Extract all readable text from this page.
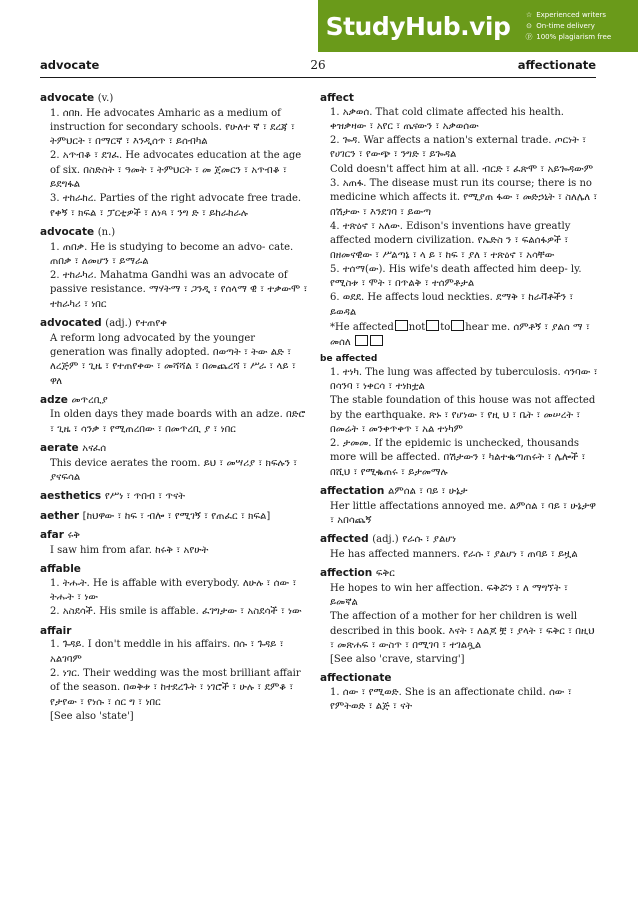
StudyHub.vip	☆ Experienced writers
⊙ On-time delivery
ⓟ 100% plagiarism free
advocate	26	affectionate
advocate (v.)
1. ሰበክ. He advocates Amharic as a medium of instruction for secondary schools. የሁለተ ኛ ፣ ደረጃ ፣ ትምህርት ፣ በማርኛ ፣ እንዲሰጥ ፣ ይሰብካል
2. አጥብቆ ፣ ደገፈ. He advocates education at the age of six. በስድስት ፣ ዓመት ፣ ትምህርት ፣ መ ጀመርን ፣ አጥብቆ ፣ ይደግፋል
3. ተከራከረ. Parties of the right advocate free trade. የቀኝ ፣ ክፍል ፣ ፓርቲዎች ፣ ለነጻ ፣ ንግ ድ ፣ ይከራከራሉ
advocate (n.)
1. ጠበቃ. He is studying to become an advo- cate. ጠበቃ ፣ ለመሆን ፣ ይማራል
2. ተከራካሪ. Mahatma Gandhi was an advocate of passive resistance. ማሃትማ ፣ ጋንዲ ፣ የሰላማ ዊ ፣ ተቃውሞ ፣ ተከራካሪ ፣ ነበር
advocated (adj.) የተጠየቀ
A reform long advocated by the younger generation was finally adopted. በወጣት ፣ ትው ልድ ፣ ለረጅም ፣ ጊዜ ፣ የተጠየቀው ፣ መሻሻል ፣ በመጨረሻ ፣ ሥራ ፣ ላይ ፣ ዋለ
adze መጥረቢያ
In olden days they made boards with an adze. በድሮ ፣ ጊዜ ፣ ሳንቃ ፣ የሚጠረበው ፣ በመጥረቢ ያ ፣ ነበር
aerate አናፈሰ
This device aerates the room. ይህ ፣ መሣሪያ ፣ ክፍሉን ፣ ያናፍሳል
aesthetics የሥነ ፣ ጥበብ ፣ ጥናት
aether [ከህዋው ፣ ከፍ ፣ ብሎ ፣ የሚገኝ ፣ የጠፈር ፣ ክፍል]
afar ሩቅ
I saw him from afar. ከሩቅ ፣ አየሁት
affable
1. ትሑት. He is affable with everybody. ለሁሉ ፣ ሰው ፣ ትሑት ፣ ነው
2. አስደሳች. His smile is affable. ፈገግታው ፣ አስደሳች ፣ ነው
affair
1. ጉዳይ. I don't meddle in his affairs. በሱ ፣ ጉዳይ ፣ አልገባም
2. ነገር. Their wedding was the most brilliant affair of the season. በወቅቱ ፣ ከተደረጉት ፣ ነገሮች ፣ ሁሉ ፣ ደምቆ ፣ የታየው ፣ የነሱ ፣ ሰር ግ ፣ ነበር
[See also 'state']
affect
1. አቃወሰ. That cold climate affected his health. ቀዝቃዛው ፣ አየር ፣ ጤናውን ፣ አቃወሰው
2. ጐዳ. War affects a nation's external trade. ጦርነት ፣ የሀገርን ፣ የውጭ ፣ ንግድ ፣ ይጐዳል
Cold doesn't affect him at all. ብርድ ፣ ፈጽሞ ፣ አይጐዳውም
3. አጠፋ. The disease must run its course; there is no medicine which affects it. የሚያጠ ፋው ፣ መድኃኒት ፣ ስለሌለ ፣ በሽታው ፣ እንደገባ ፣ ይውጣ
4. ተጽዕኖ ፣ አለው. Edison's inventions have greatly affected modern civilization. የኤድስ ን ፣ ፍልሰፋዎች ፣ በዘመናዊው ፣ ሥልጣኔ ፣ ላ ይ ፣ ከፍ ፣ ያለ ፣ ተጽዕኖ ፣ አሳቸው
5. ተሰማ(ው). His wife's death affected him deep- ly. የሚስቱ ፣ ሞት ፣ በጥልቅ ፣ ተሰምቶታል
6. ወደደ. He affects loud neckties. ደማቅ ፣ ከራቫቶችን ፣ ይወዳል
*He affected not to hear me. ሰምቶኝ ፣ ያልሰ ማ ፣ መሰለ
be affected
1. ተነካ. The lung was affected by tuberculosis. ሳንባው ፣ በሳንባ ፣ ነቀርሳ ፣ ተነክቷል
The stable foundation of this house was not affected by the earthquake. ጽኑ ፣ የሆነው ፣ የዚ ህ ፣ ቤት ፣ መሠረት ፣ በመሬት ፣ መንቀጥቀጥ ፣ አል ተነካም
2. ታመመ. If the epidemic is unchecked, thousands more will be affected. በሽታውን ፣ ካልተቈጣጠሩት ፣ ሌሎች ፣ በሺህ ፣ የሚቈጠሩ ፣ ይታመማሉ
affectation ልምሰል ፣ ባይ ፣ ሁኔታ
Her little affectations annoyed me. ልምሰል ፣ ባይ ፣ ሁኔታዋ ፣ አበሳጨኝ
affected (adj.) የራሱ ፣ ያልሆነ
He has affected manners. የራሱ ፣ ያልሆነ ፣ ጠባይ ፣ ይዟል
affection ፍቅር
He hopes to win her affection. ፍቅሯን ፣ ለ ማግኘት ፣ ይመኛል
The affection of a mother for her children is well described in this book. እናት ፣ ለልጆ ቿ ፣ ያላት ፣ ፍቅር ፣ በዚህ ፣ መጽሐፍ ፣ ውስጥ ፣ በሚገባ ፣ ተገልጿል
[See also 'crave, starving']
affectionate
1. ሰው ፣ የሚወድ. She is an affectionate child. ሰው ፣ የምትወድ ፣ ልጅ ፣ ናት
